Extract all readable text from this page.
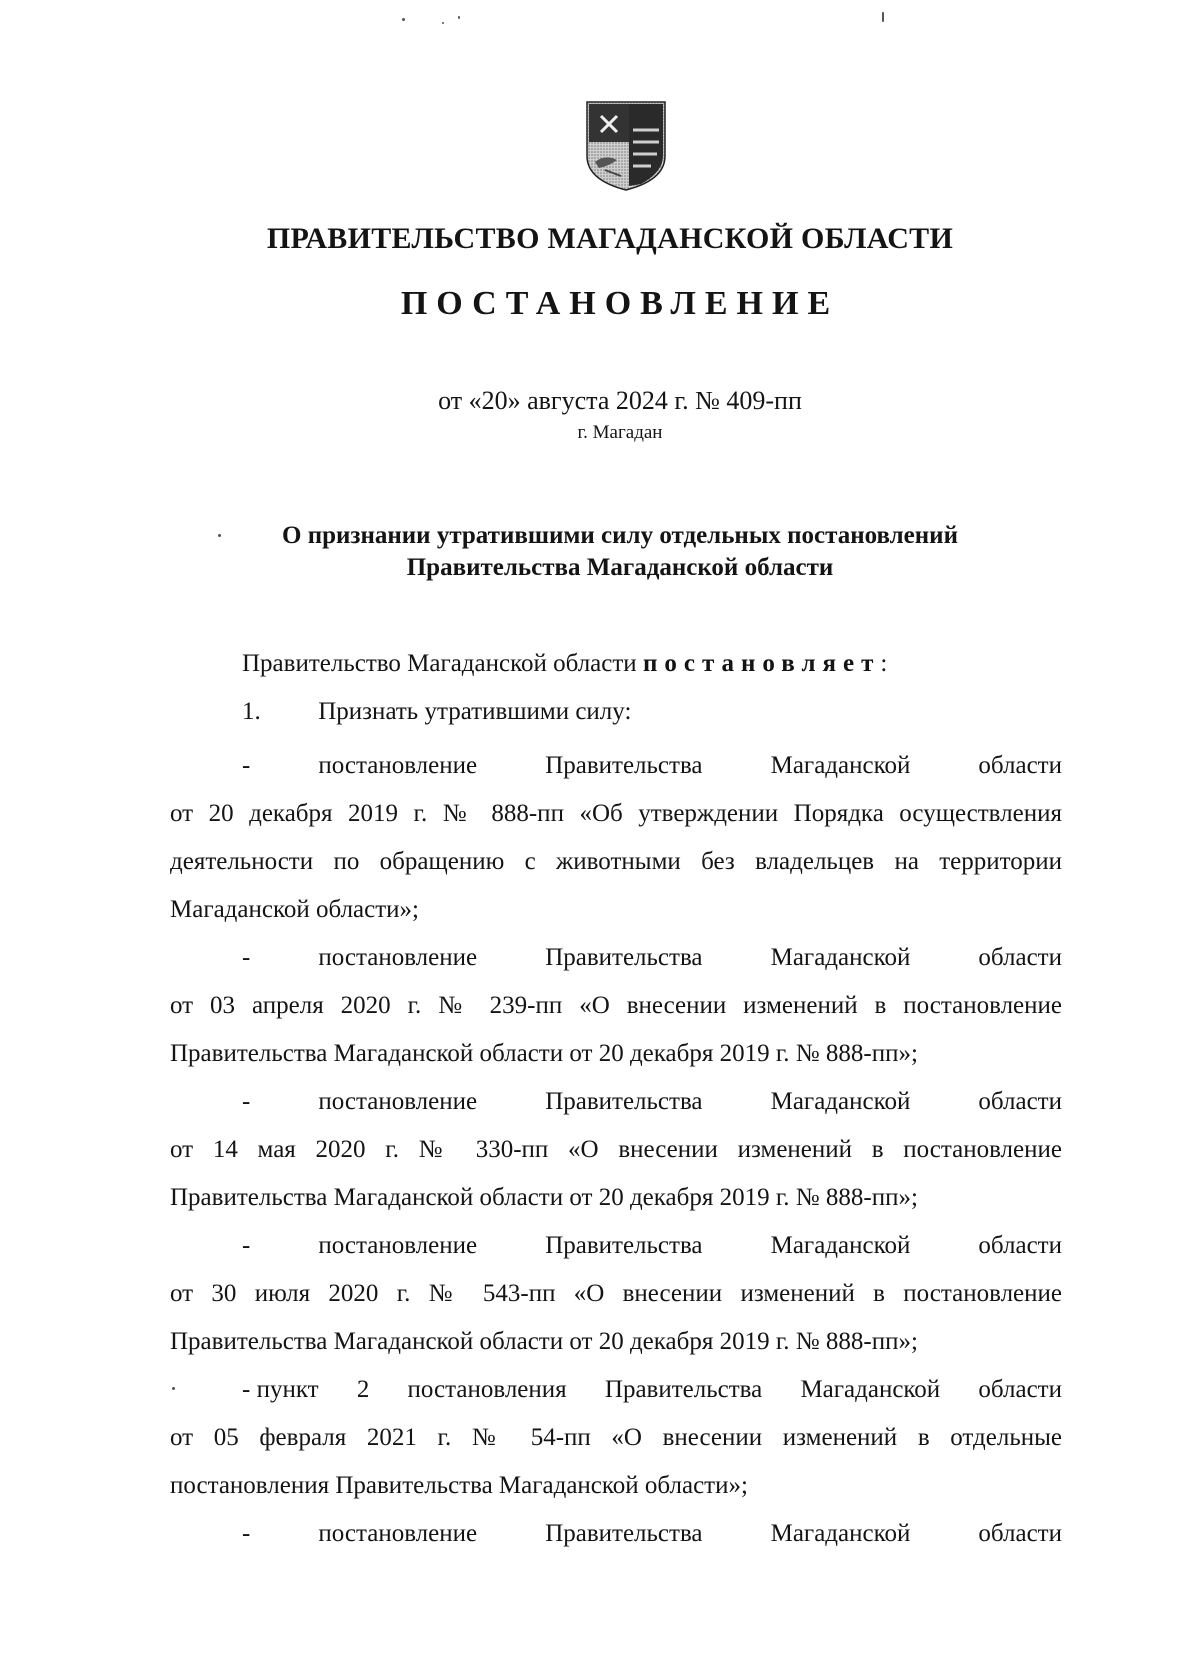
ПРАВИТЕЛЬСТВО МАГАДАНСКОЙ ОБЛАСТИ
ПОСТАНОВЛЕНИЕ
от «20» августа 2024 г. № 409-пп
г. Магадан
О признании утратившими силу отдельных постановлений
Правительства Магаданской области
Правительство Магаданской области постановляет:
1. Признать утратившими силу:
-	постановление	Правительства	Магаданской	области
от 20 декабря 2019 г. № 888-пп «Об утверждении Порядка осуществления
деятельности по обращению с животными без владельцев на территории
Магаданской области»;
-	постановление	Правительства	Магаданской	области
от 03 апреля 2020 г. № 239-пп «О внесении изменений в постановление
Правительства Магаданской области от 20 декабря 2019 г. № 888-пп»;
-	постановление	Правительства	Магаданской	области
от 14 мая 2020 г. № 330-пп «О внесении изменений в постановление
Правительства Магаданской области от 20 декабря 2019 г. № 888-пп»;
-	постановление	Правительства	Магаданской	области
от 30 июля 2020 г. № 543-пп «О внесении изменений в постановление
Правительства Магаданской области от 20 декабря 2019 г. № 888-пп»;
- пункт 2 постановления Правительства Магаданской области
от 05 февраля 2021 г. № 54-пп «О внесении изменений в отдельные
постановления Правительства Магаданской области»;
-	постановление	Правительства	Магаданской	области
